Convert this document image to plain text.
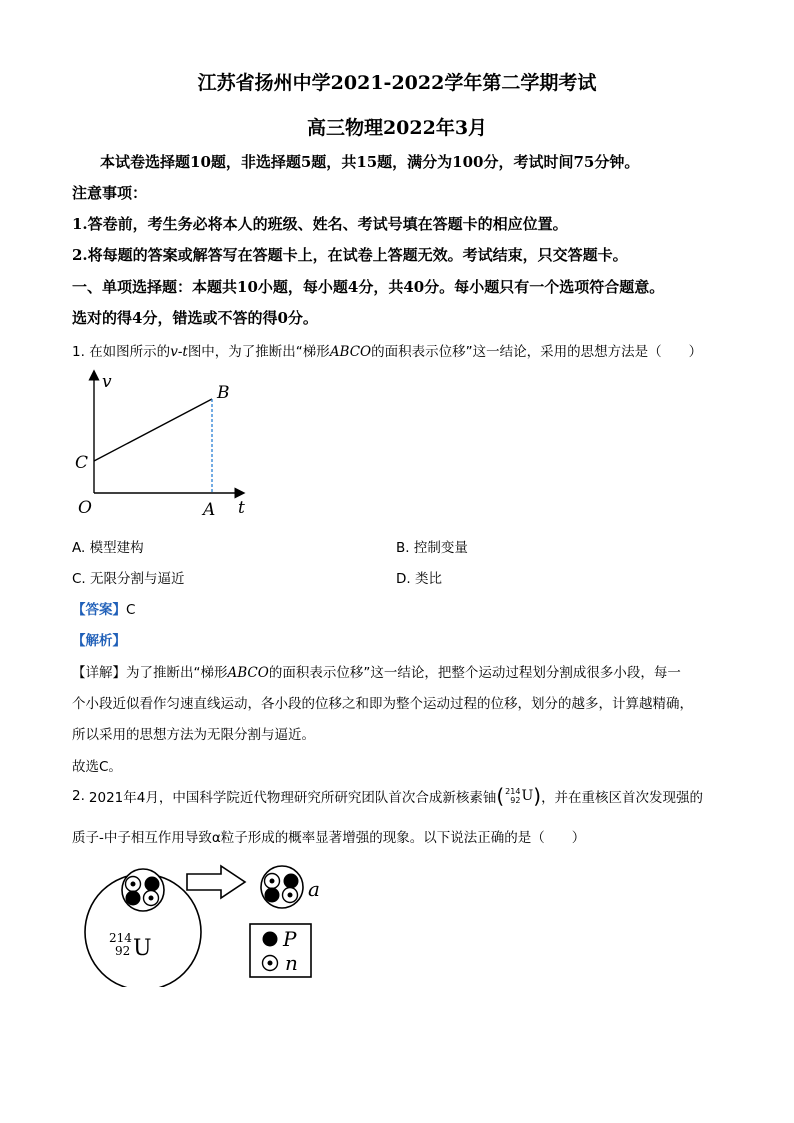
江苏省扬州中学2021-2022学年第二学期考试
高三物理2022年3月
本试卷选择题10题，非选择题5题，共15题，满分为100分，考试时间75分钟。
注意事项：
1.答卷前，考生务必将本人的班级、姓名、考试号填在答题卡的相应位置。
2.将每题的答案或解答写在答题卡上，在试卷上答题无效。考试结束，只交答题卡。
一、单项选择题：本题共10小题，每小题4分，共40分。每小题只有一个选项符合题意。
选对的得4分，错选或不答的得0分。
1. 在如图所示的v-t图中，为了推断出“梯形ABCO的面积表示位移”这一结论，采用的思想方法是（　　）
v
B
C
O	A t
A. 模型建构	B. 控制变量
C. 无限分割与逼近	D. 类比
【答案】C
【解析】
【详解】为了推断出“梯形ABCO的面积表示位移”这一结论，把整个运动过程划分割成很多小段，每一
个小段近似看作匀速直线运动，各小段的位移之和即为整个运动过程的位移，划分的越多，计算越精确，
所以采用的思想方法为无限分割与逼近。
故选C。
2. 2021年4月，中国科学院近代物理研究所研究团队首次合成新核素铀 ( 214
92 U ) ，并在重核区首次发现强的
质子-中子相互作用导致α粒子形成的概率显著增强的现象。以下说法正确的是（　　）
214
92 U
a
P
n
